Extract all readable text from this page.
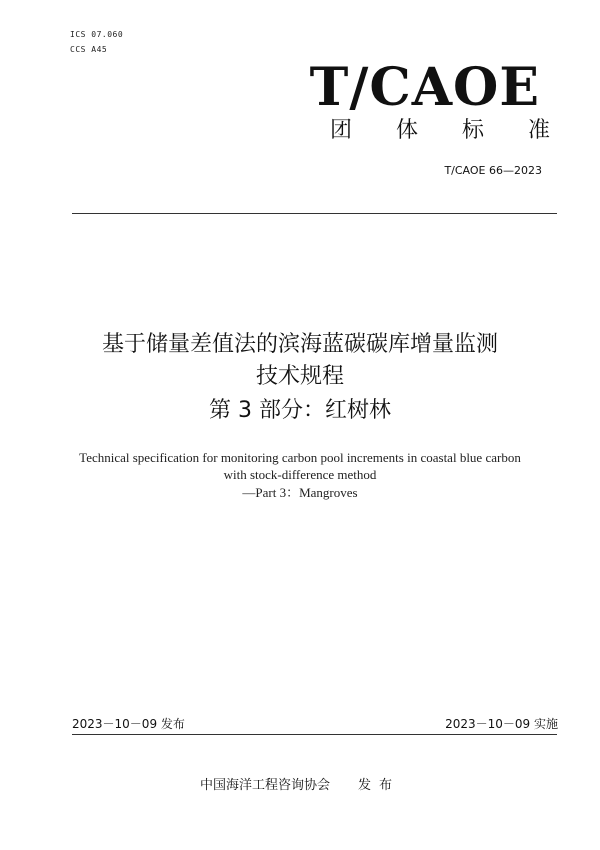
ICS 07.060
CCS A45
T/CAOE
团 体 标 准
T/CAOE 66—2023
基于储量差值法的滨海蓝碳碳库增量监测
技术规程
第 3 部分：红树林
Technical specification for monitoring carbon pool increments in coastal blue carbon
with stock-difference method
—Part 3：Mangroves
2023－10－09 发布	2023－10－09 实施
中国海洋工程咨询协会 发布
